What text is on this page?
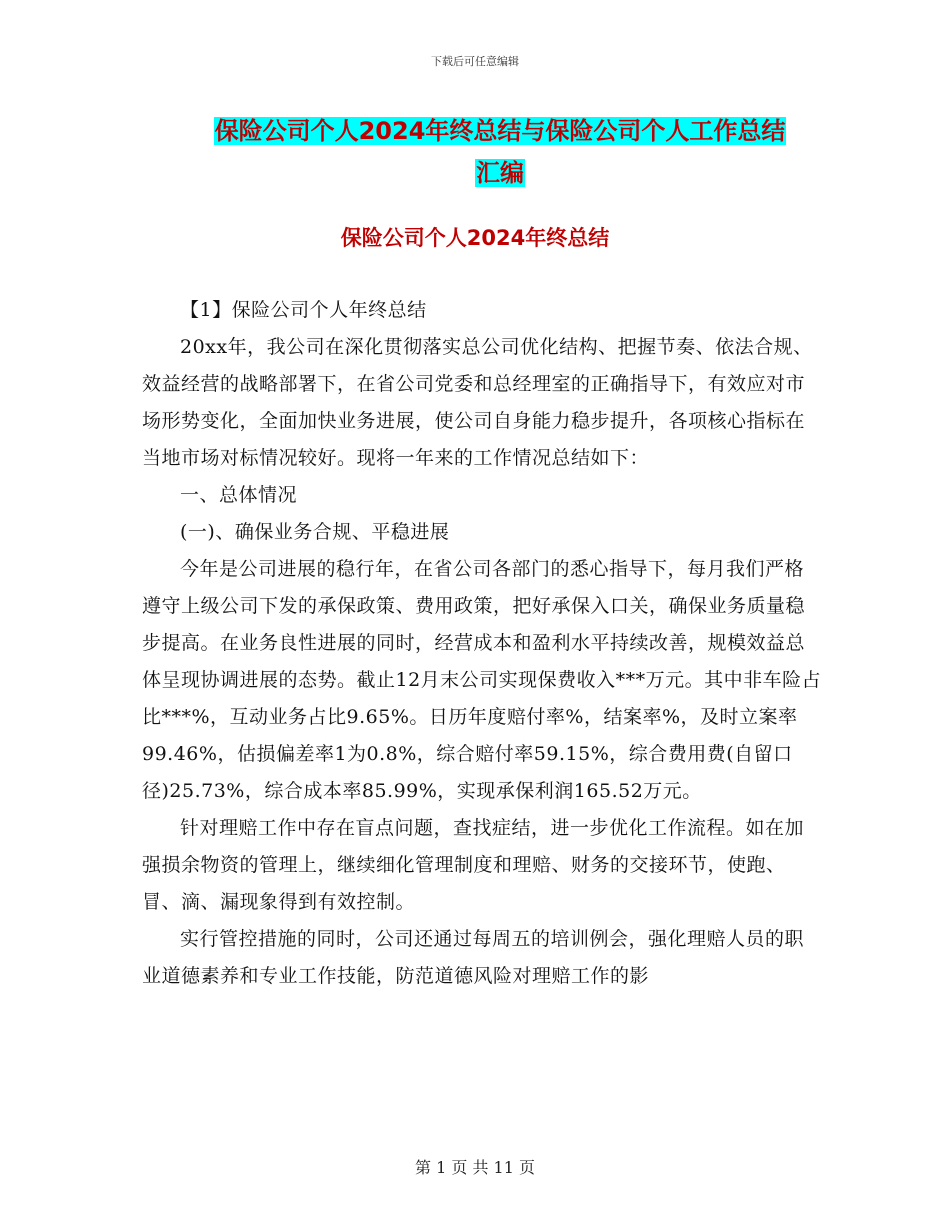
下载后可任意编辑
保险公司个人2024年终总结与保险公司个人工作总结
汇编
保险公司个人2024年终总结

【1】保险公司个人年终总结

20xx年，我公司在深化贯彻落实总公司优化结构、把握节奏、依法合规、效益经营的战略部署下，在省公司党委和总经理室的正确指导下，有效应对市场形势变化，全面加快业务进展，使公司自身能力稳步提升，各项核心指标在当地市场对标情况较好。现将一年来的工作情况总结如下：

一、总体情况

(一)、确保业务合规、平稳进展

今年是公司进展的稳行年，在省公司各部门的悉心指导下，每月我们严格遵守上级公司下发的承保政策、费用政策，把好承保入口关，确保业务质量稳步提高。在业务良性进展的同时，经营成本和盈利水平持续改善，规模效益总体呈现协调进展的态势。截止12月末公司实现保费收入***万元。其中非车险占比***%，互动业务占比9.65%。日历年度赔付率%，结案率%，及时立案率99.46%，估损偏差率1为0.8%，综合赔付率59.15%，综合费用费(自留口径)25.73%，综合成本率85.99%，实现承保利润165.52万元。

针对理赔工作中存在盲点问题，查找症结，进一步优化工作流程。如在加强损余物资的管理上，继续细化管理制度和理赔、财务的交接环节，使跑、冒、滴、漏现象得到有效控制。

实行管控措施的同时，公司还通过每周五的培训例会，强化理赔人员的职业道德素养和专业工作技能，防范道德风险对理赔工作的影

第 1 页 共 11 页
